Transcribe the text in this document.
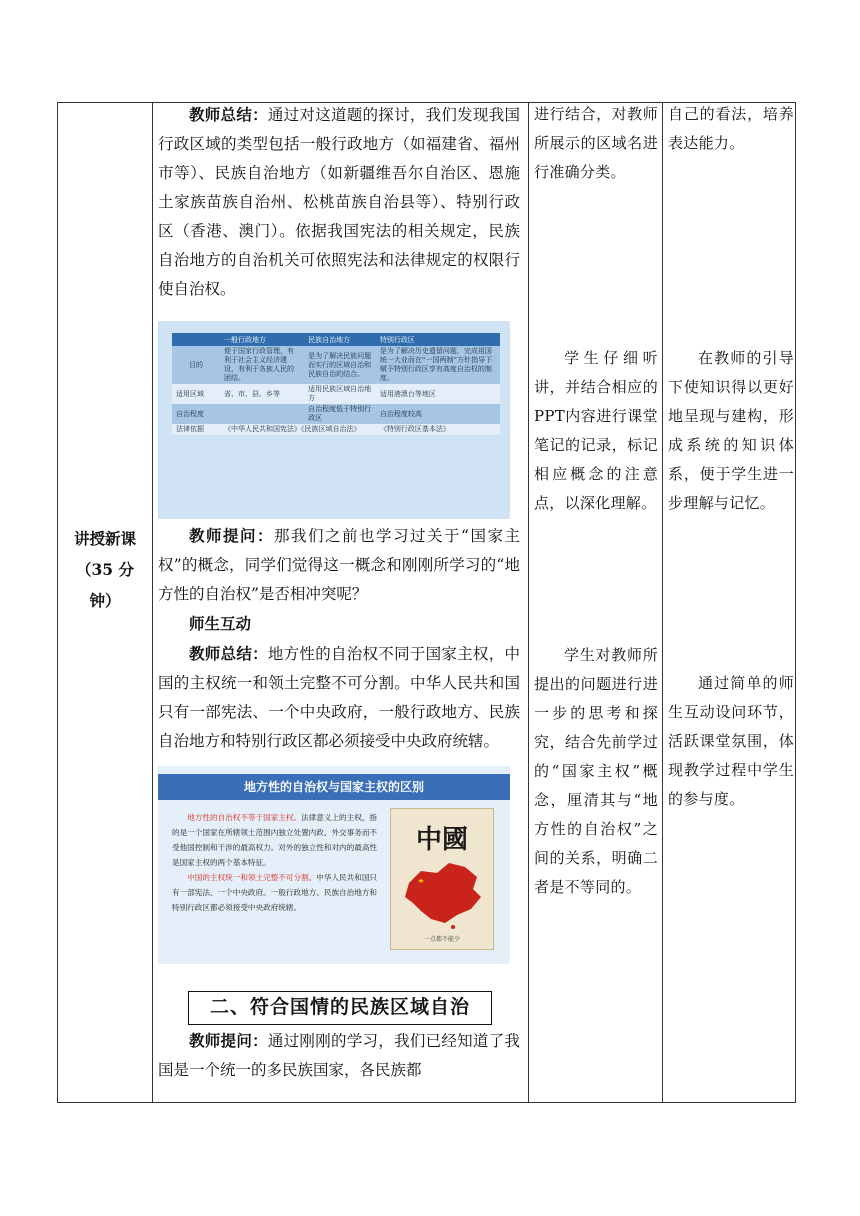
讲授新课
（35 分
钟）

教师总结：通过对这道题的探讨，我们发现我国行政区域的类型包括一般行政地方（如福建省、福州市等）、民族自治地方（如新疆维吾尔自治区、恩施土家族苗族自治州、松桃苗族自治县等）、特别行政区（香港、澳门）。依据我国宪法的相关规定，民族自治地方的自治机关可依照宪法和法律规定的权限行使自治权。

	一般行政地方	民族自治地方	特别行政区
目的	便于国家行政管理，有利于社会主义经济建设，有利于各族人民的团结。	是为了解决民族问题而实行的区域自治和民族自治的结合。	是为了解决历史遗留问题，完成祖国统一大业而在“一国两制”方针指导下赋予特别行政区享有高度自治权的制度。
适用区域	省、市、县、乡等	适用民族区域自治地方	适用港澳台等地区
自治程度		自治程度低于特别行政区	自治程度较高
法律依据	《中华人民共和国宪法》《民族区域自治法》		《特别行政区基本法》

教师提问：那我们之前也学习过关于“国家主权”的概念，同学们觉得这一概念和刚刚所学习的“地方性的自治权”是否相冲突呢？

师生互动

教师总结：地方性的自治权不同于国家主权，中国的主权统一和领土完整不可分割。中华人民共和国只有一部宪法、一个中央政府，一般行政地方、民族自治地方和特别行政区都必须接受中央政府统辖。

地方性的自治权与国家主权的区别
地方性的自治权不等于国家主权。法律意义上的主权，指的是一个国家在所辖领土范围内独立处置内政、外交事务而不受他国控制和干涉的最高权力。对外的独立性和对内的最高性是国家主权的两个基本特征。
中国的主权统一和领土完整不可分割。中华人民共和国只有一部宪法、一个中央政府。一般行政地方、民族自治地方和特别行政区都必须接受中央政府统辖。
中國
一点都不能少
二、符合国情的民族区域自治

教师提问：通过刚刚的学习，我们已经知道了我国是一个统一的多民族国家，各民族都

进行结合，对教师所展示的区域名进行准确分类。

学生仔细听讲，并结合相应的PPT内容进行课堂笔记的记录，标记相应概念的注意点，以深化理解。

学生对教师所提出的问题进行进一步的思考和探究，结合先前学过的“国家主权”概念，厘清其与“地方性的自治权”之间的关系，明确二者是不等同的。

自己的看法，培养表达能力。

在教师的引导下使知识得以更好地呈现与建构，形成系统的知识体系，便于学生进一步理解与记忆。

通过简单的师生互动设问环节，活跃课堂氛围，体现教学过程中学生的参与度。
